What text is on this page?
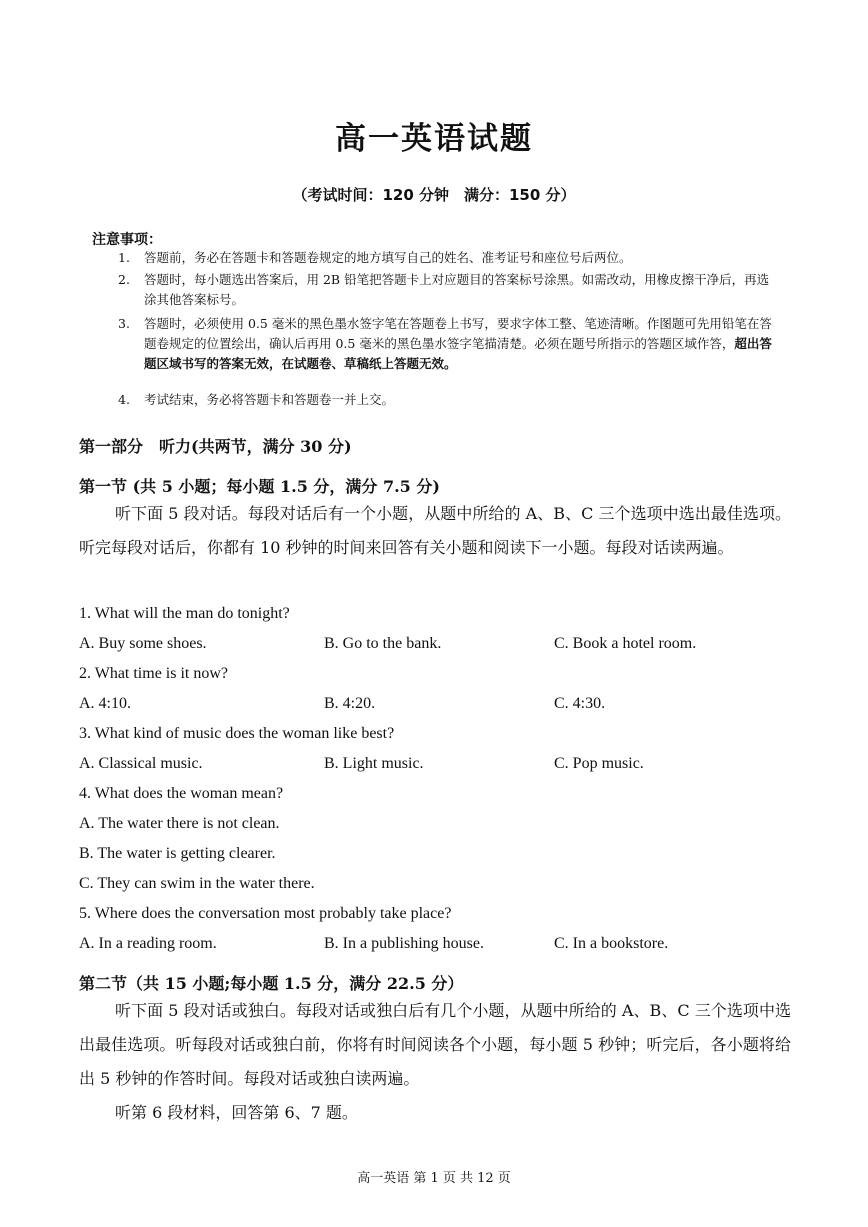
高一英语试题
（考试时间：120 分钟　满分：150 分）
注意事项：
1.	答题前，务必在答题卡和答题卷规定的地方填写自己的姓名、准考证号和座位号后两位。
2.	答题时，每小题选出答案后，用 2B 铅笔把答题卡上对应题目的答案标号涂黑。如需改动，用橡皮擦干净后，再选涂其他答案标号。
3.	答题时，必须使用 0.5 毫米的黑色墨水签字笔在答题卷上书写，要求字体工整、笔迹清晰。作图题可先用铅笔在答题卷规定的位置绘出，确认后再用 0.5 毫米的黑色墨水签字笔描清楚。必须在题号所指示的答题区域作答，超出答题区域书写的答案无效，在试题卷、草稿纸上答题无效。
4.	考试结束，务必将答题卡和答题卷一并上交。
第一部分　听力(共两节，满分 30 分)
第一节 (共 5 小题；每小题 1.5 分，满分 7.5 分)
听下面 5 段对话。每段对话后有一个小题，从题中所给的 A、B、C 三个选项中选出最佳选项。听完每段对话后，你都有 10 秒钟的时间来回答有关小题和阅读下一小题。每段对话读两遍。
1. What will the man do tonight?
A. Buy some shoes.	B. Go to the bank.	C. Book a hotel room.
2. What time is it now?
A. 4:10.	B. 4:20.	C. 4:30.
3. What kind of music does the woman like best?
A. Classical music.	B. Light music.	C. Pop music.
4. What does the woman mean?
A. The water there is not clean.
B. The water is getting clearer.
C. They can swim in the water there.
5. Where does the conversation most probably take place?
A. In a reading room.	B. In a publishing house.	C. In a bookstore.
第二节（共 15 小题;每小题 1.5 分，满分 22.5 分）
听下面 5 段对话或独白。每段对话或独白后有几个小题，从题中所给的 A、B、C 三个选项中选出最佳选项。听每段对话或独白前，你将有时间阅读各个小题，每小题 5 秒钟；听完后，各小题将给出 5 秒钟的作答时间。每段对话或独白读两遍。
听第 6 段材料，回答第 6、7 题。
高一英语 第 1 页 共 12 页
